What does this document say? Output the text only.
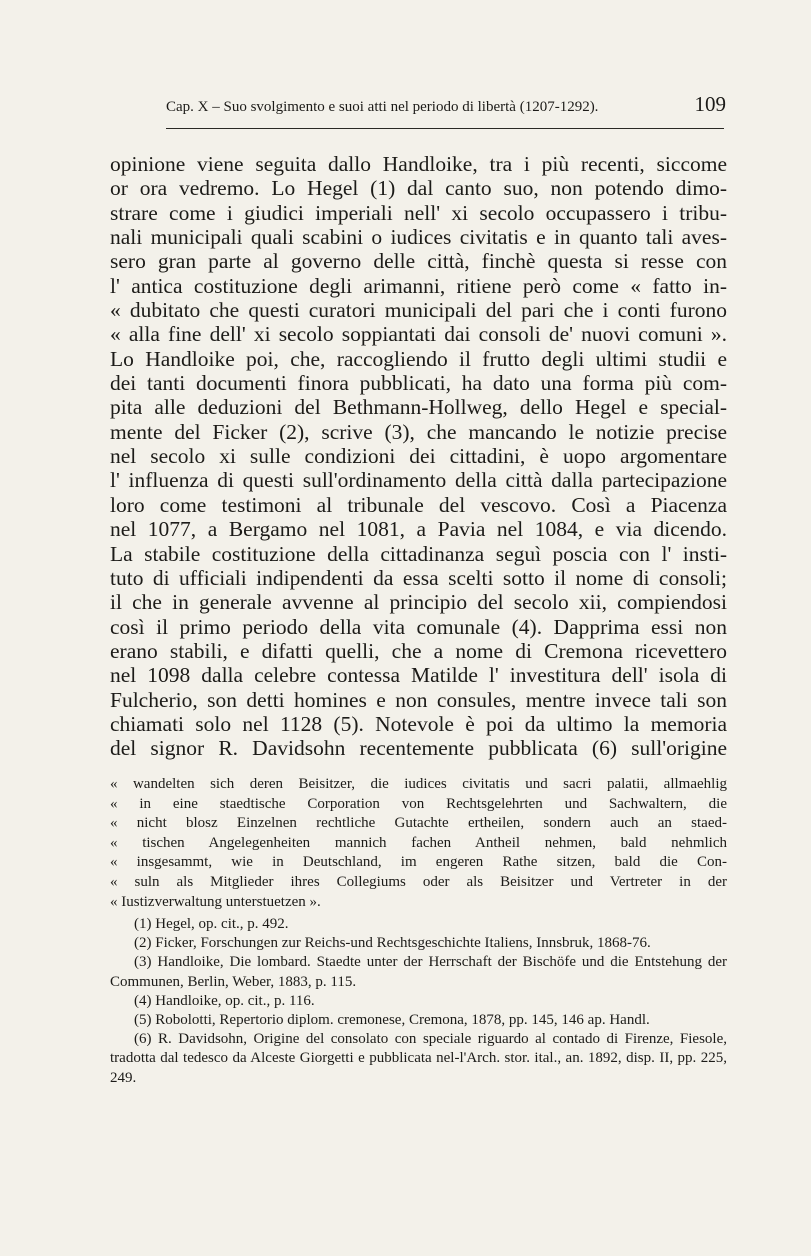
Cap. X – Suo svolgimento e suoi atti nel periodo di libertà (1207-1292).	109
opinione viene seguita dallo Handloike, tra i più recenti, siccome
or ora vedremo. Lo Hegel (1) dal canto suo, non potendo dimo-
strare come i giudici imperiali nell' xi secolo occupassero i tribu-
nali municipali quali scabini o iudices civitatis e in quanto tali aves-
sero gran parte al governo delle città, finchè questa si resse con
l' antica costituzione degli arimanni, ritiene però come « fatto in-
« dubitato che questi curatori municipali del pari che i conti furono
« alla fine dell' xi secolo soppiantati dai consoli de' nuovi comuni ».
Lo Handloike poi, che, raccogliendo il frutto degli ultimi studii e
dei tanti documenti finora pubblicati, ha dato una forma più com-
pita alle deduzioni del Bethmann-Hollweg, dello Hegel e special-
mente del Ficker (2), scrive (3), che mancando le notizie precise
nel secolo xi sulle condizioni dei cittadini, è uopo argomentare
l' influenza di questi sull'ordinamento della città dalla partecipazione
loro come testimoni al tribunale del vescovo. Così a Piacenza
nel 1077, a Bergamo nel 1081, a Pavia nel 1084, e via dicendo.
La stabile costituzione della cittadinanza seguì poscia con l' insti-
tuto di ufficiali indipendenti da essa scelti sotto il nome di consoli;
il che in generale avvenne al principio del secolo xii, compiendosi
così il primo periodo della vita comunale (4). Dapprima essi non
erano stabili, e difatti quelli, che a nome di Cremona ricevettero
nel 1098 dalla celebre contessa Matilde l' investitura dell' isola di
Fulcherio, son detti homines e non consules, mentre invece tali son
chiamati solo nel 1128 (5). Notevole è poi da ultimo la memoria
del signor R. Davidsohn recentemente pubblicata (6) sull'origine
« wandelten sich deren Beisitzer, die iudices civitatis und sacri palatii, allmaehlig
« in eine staedtische Corporation von Rechtsgelehrten und Sachwaltern, die
« nicht blosz Einzelnen rechtliche Gutachte ertheilen, sondern auch an staed-
« tischen Angelegenheiten mannich fachen Antheil nehmen, bald nehmlich
« insgesammt, wie in Deutschland, im engeren Rathe sitzen, bald die Con-
« suln als Mitglieder ihres Collegiums oder als Beisitzer und Vertreter in der
« Iustizverwaltung unterstuetzen ».
(1) Hegel, op. cit., p. 492.
(2) Ficker, Forschungen zur Reichs-und Rechtsgeschichte Italiens, Innsbruk, 1868-76.
(3) Handloike, Die lombard. Staedte unter der Herrschaft der Bischöfe und die Entstehung der Communen, Berlin, Weber, 1883, p. 115.
(4) Handloike, op. cit., p. 116.
(5) Robolotti, Repertorio diplom. cremonese, Cremona, 1878, pp. 145, 146 ap. Handl.
(6) R. Davidsohn, Origine del consolato con speciale riguardo al contado di Firenze, Fiesole, tradotta dal tedesco da Alceste Giorgetti e pubblicata nel-l'Arch. stor. ital., an. 1892, disp. II, pp. 225, 249.
